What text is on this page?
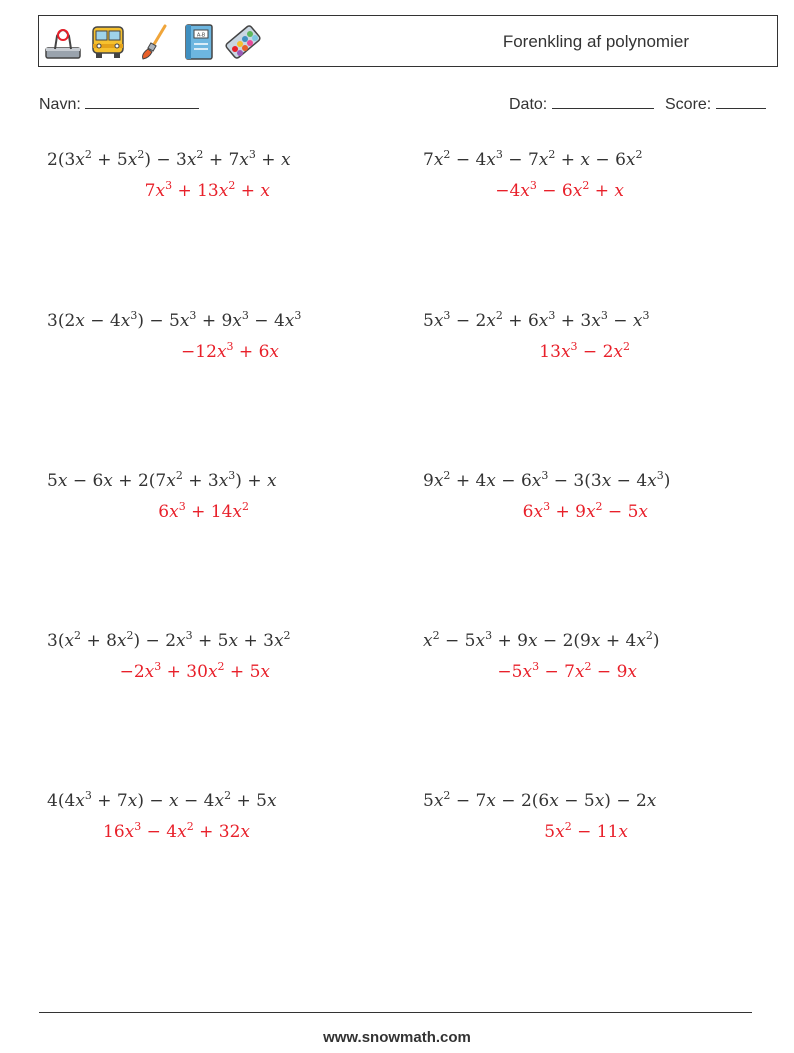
A-B	Forenkling af polynomier
Navn:	Dato:	Score:
$2(3x^2 + 5x^2) - 3x^2 + 7x^3 + x$
$7x^3 + 13x^2 + x$
$7x^2 - 4x^3 - 7x^2 + x - 6x^2$
$-4x^3 - 6x^2 + x$
$3(2x - 4x^3) - 5x^3 + 9x^3 - 4x^3$
$-12x^3 + 6x$
$5x^3 - 2x^2 + 6x^3 + 3x^3 - x^3$
$13x^3 - 2x^2$
$5x - 6x + 2(7x^2 + 3x^3) + x$
$6x^3 + 14x^2$
$9x^2 + 4x - 6x^3 - 3(3x - 4x^3)$
$6x^3 + 9x^2 - 5x$
$3(x^2 + 8x^2) - 2x^3 + 5x + 3x^2$
$-2x^3 + 30x^2 + 5x$
$x^2 - 5x^3 + 9x - 2(9x + 4x^2)$
$-5x^3 - 7x^2 - 9x$
$4(4x^3 + 7x) - x - 4x^2 + 5x$
$16x^3 - 4x^2 + 32x$
$5x^2 - 7x - 2(6x - 5x) - 2x$
$5x^2 - 11x$
www.snowmath.com
